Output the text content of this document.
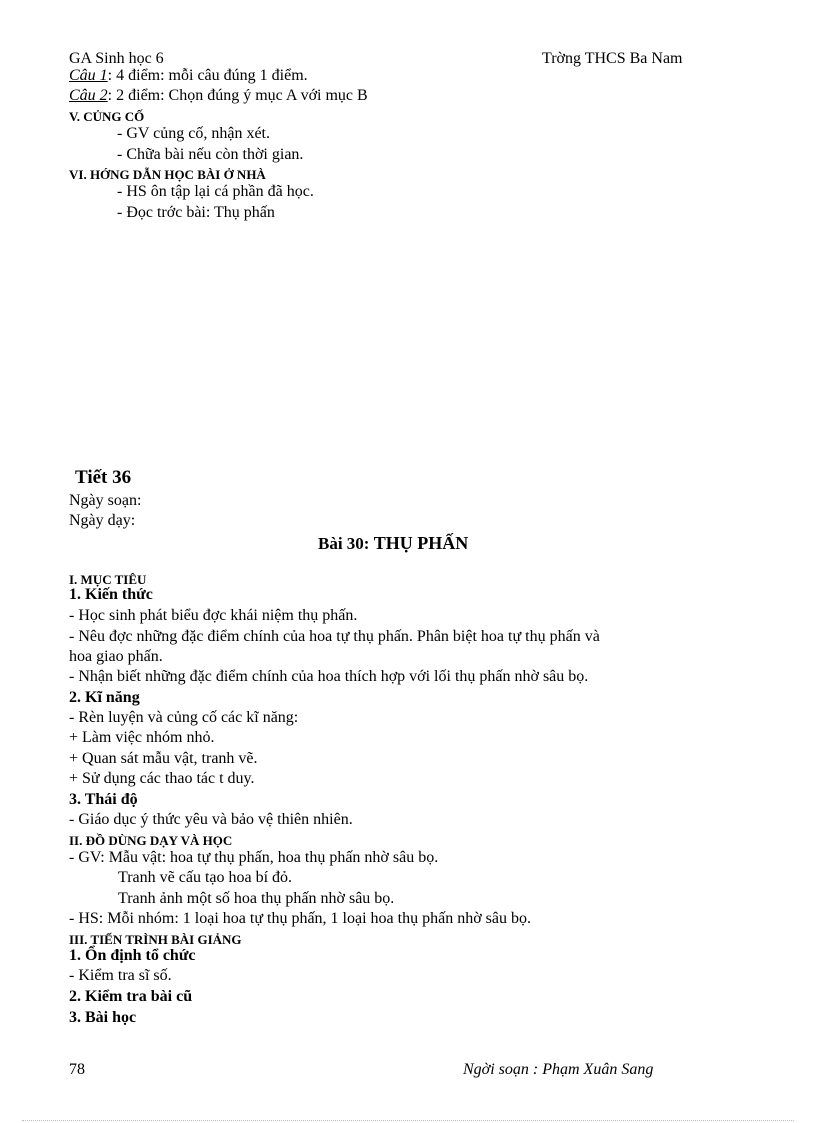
GA Sinh học 6	Trờng THCS Ba Nam
Câu 1: 4 điểm: mỗi câu đúng 1 điểm.
Câu 2: 2 điểm: Chọn đúng ý mục A với mục B
V. CỦNG CỐ
- GV củng cố, nhận xét.
- Chữa bài nếu còn thời gian.
VI. HỚNG DẪN HỌC BÀI Ở NHÀ
- HS ôn tập lại cá phần đã học.
- Đọc trớc bài: Thụ phấn
Tiết 36
Ngày soạn:
Ngày dạy:
Bài 30: THỤ PHẤN
I. MỤC TIÊU
1. Kiến thức
- Học sinh phát biểu đợc khái niệm thụ phấn.
- Nêu đợc những đặc điểm chính của hoa tự thụ phấn. Phân biệt hoa tự thụ phấn và
hoa giao phấn.
- Nhận biết những đặc điểm chính của hoa thích hợp với lối thụ phấn nhờ sâu bọ.
2. Kĩ năng
- Rèn luyện và củng cố các kĩ năng:
+ Làm việc nhóm nhỏ.
+ Quan sát mẫu vật, tranh vẽ.
+ Sử dụng các thao tác t duy.
3. Thái độ
- Giáo dục ý thức yêu và bảo vệ thiên nhiên.
II. ĐỒ DÙNG DẠY VÀ HỌC
- GV: Mẫu vật: hoa tự thụ phấn, hoa thụ phấn nhờ sâu bọ.
Tranh vẽ cấu tạo hoa bí đỏ.
Tranh ảnh một số hoa thụ phấn nhờ sâu bọ.
- HS: Mỗi nhóm: 1 loại hoa tự thụ phấn, 1 loại hoa thụ phấn nhờ sâu bọ.
III. TIẾN TRÌNH BÀI GIẢNG
1. Ổn định tổ chức
- Kiểm tra sĩ số.
2. Kiểm tra bài cũ
3. Bài học
78	Ngời soạn : Phạm Xuân Sang
